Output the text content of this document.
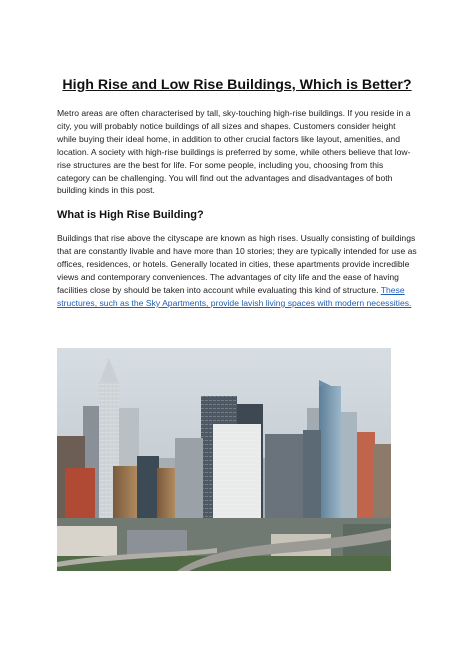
High Rise and Low Rise Buildings, Which is Better?

Metro areas are often characterised by tall, sky-touching high-rise buildings. If you reside in a city, you will probably notice buildings of all sizes and shapes. Customers consider height while buying their ideal home, in addition to other crucial factors like layout, amenities, and location. A society with high-rise buildings is preferred by some, while others believe that low-rise structures are the best for life. For some people, including you, choosing from this category can be challenging. You will find out the advantages and disadvantages of both building kinds in this post.

What is High Rise Building?

Buildings that rise above the cityscape are known as high rises. Usually consisting of buildings that are constantly livable and have more than 10 stories; they are typically intended for use as offices, residences, or hotels. Generally located in cities, these apartments provide incredible views and contemporary conveniences. The advantages of city life and the ease of having facilities close by should be taken into account while evaluating this kind of structure. These structures, such as the Sky Apartments, provide lavish living spaces with modern necessities.
